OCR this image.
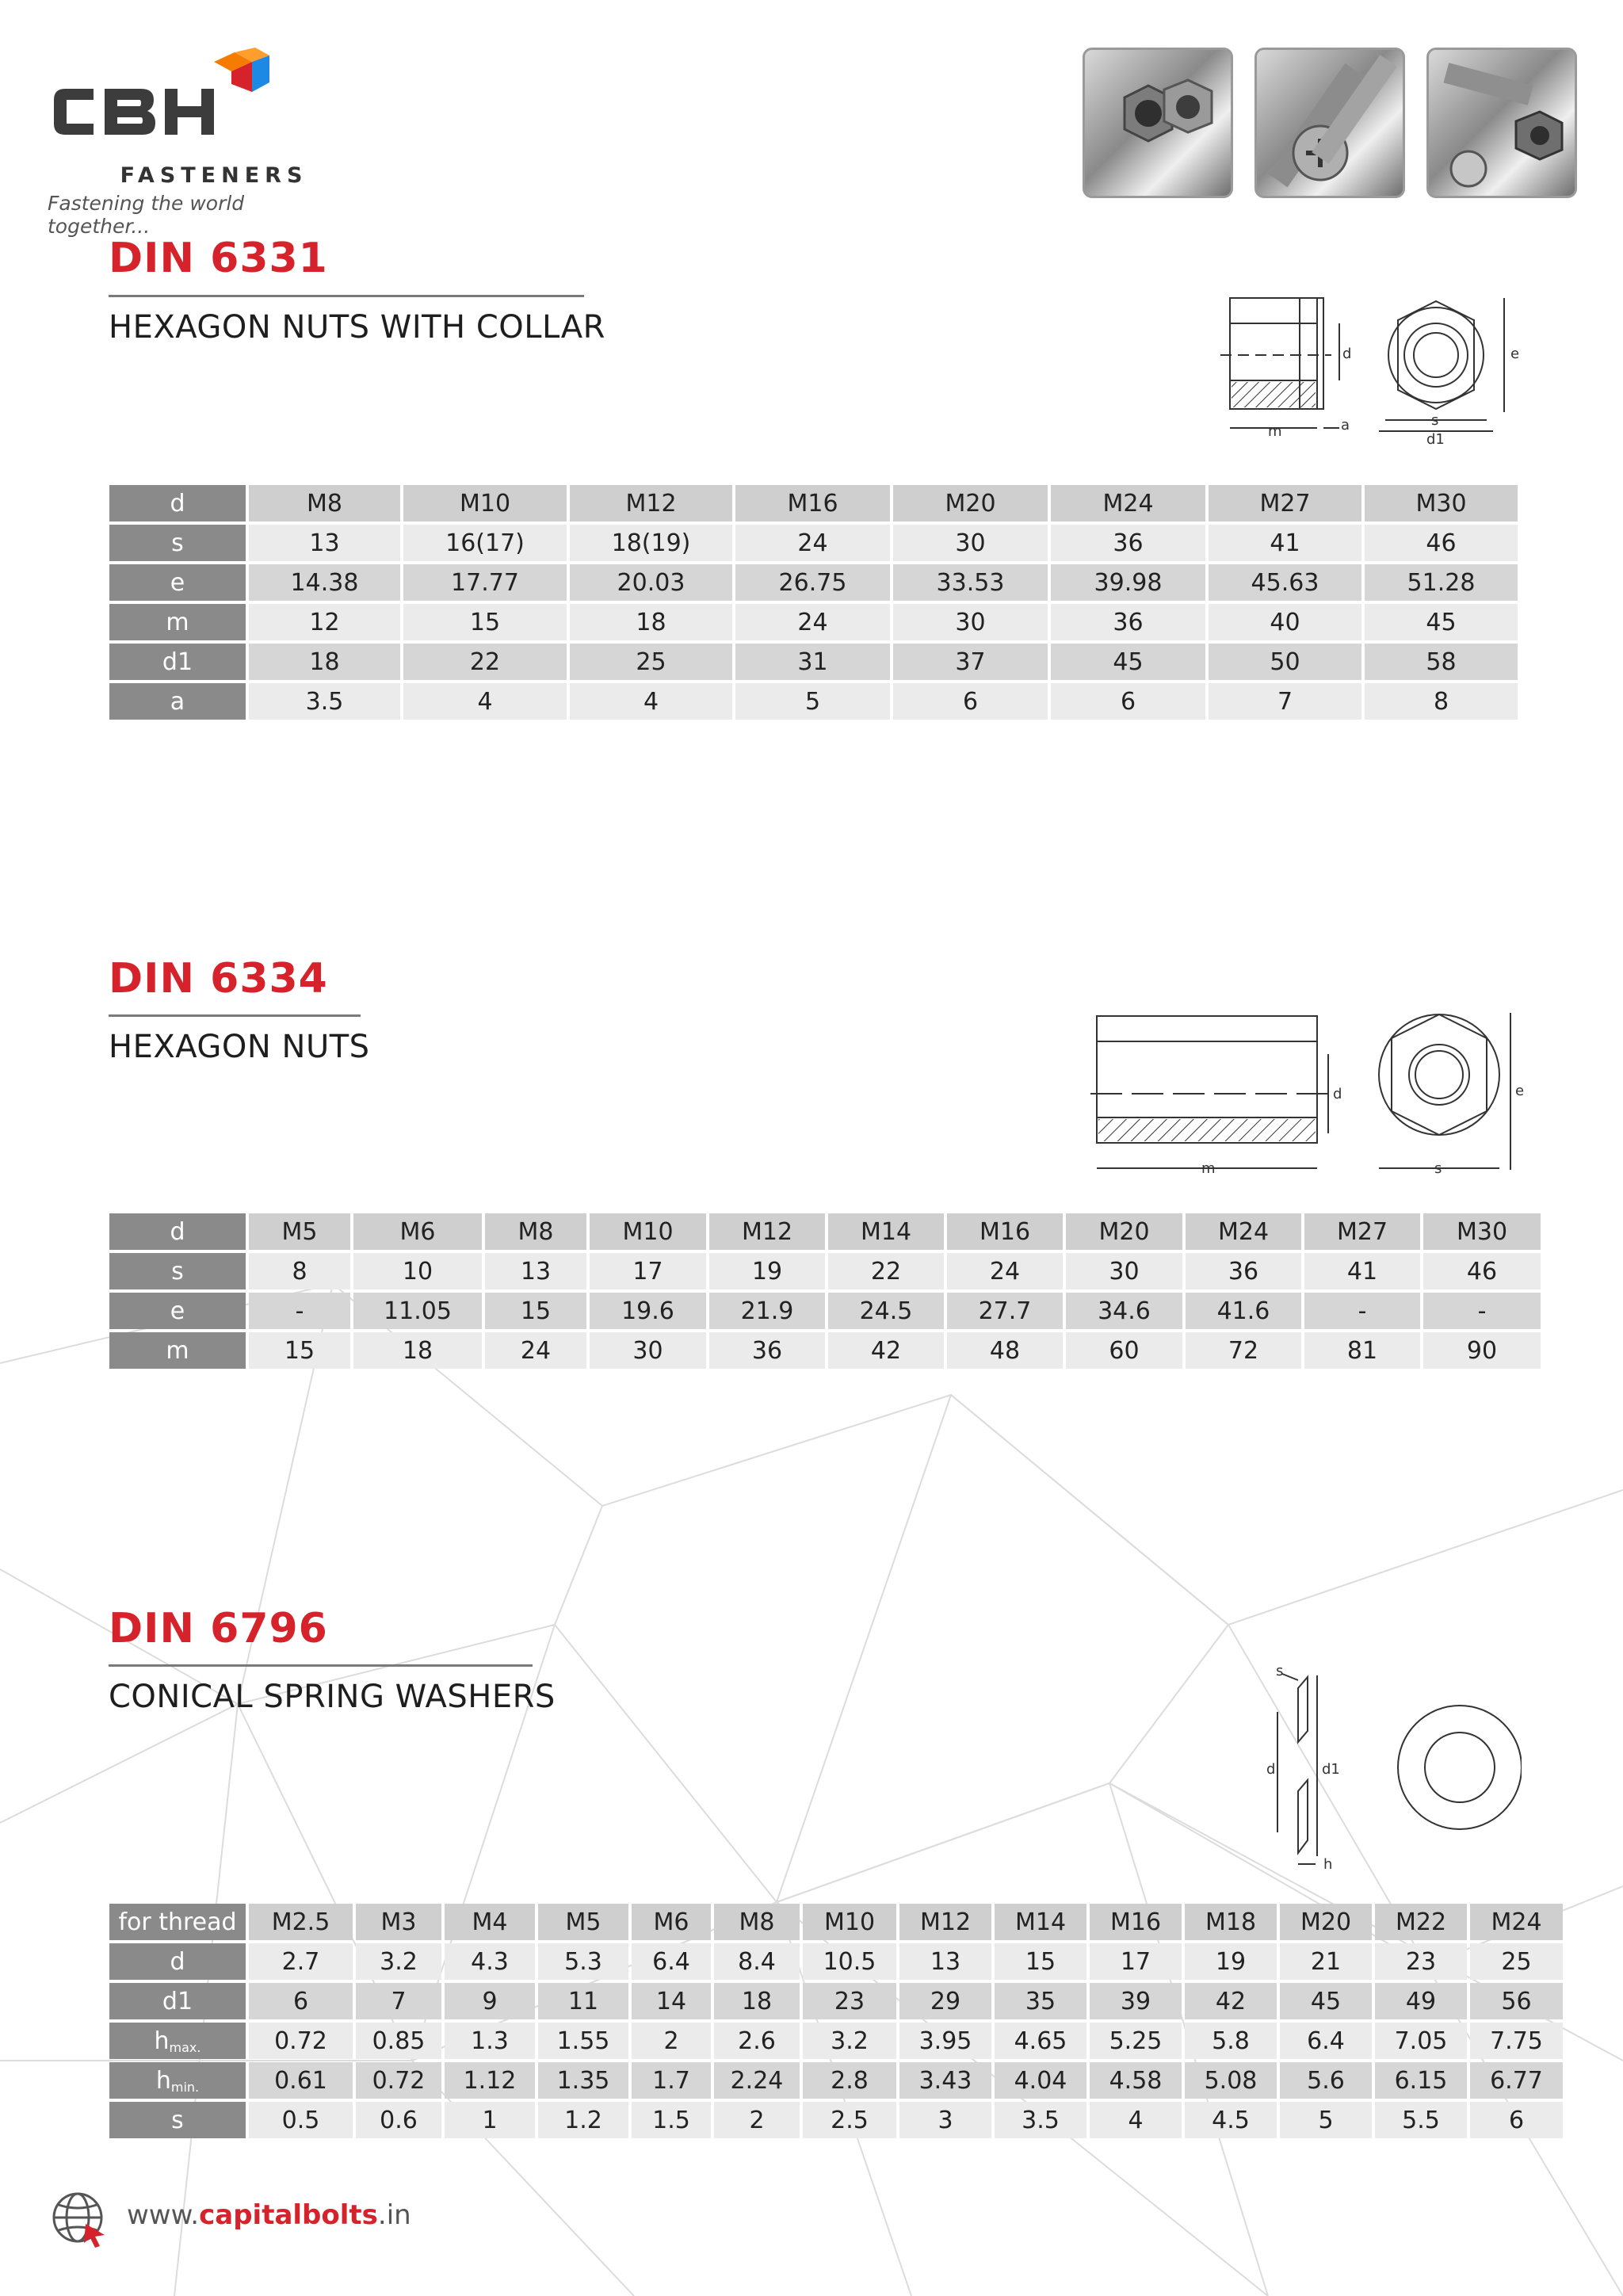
FASTENERS
Fastening the world together...
DIN 6331
HEXAGON NUTS WITH COLLAR
d
m	a
e
s
d1
d	M8	M10	M12	M16	M20	M24	M27	M30
s	13	16(17)	18(19)	24	30	36	41	46
e	14.38	17.77	20.03	26.75	33.53	39.98	45.63	51.28
m	12	15	18	24	30	36	40	45
d1	18	22	25	31	37	45	50	58
a	3.5	4	4	5	6	6	7	8
DIN 6334
HEXAGON NUTS
d
m
e
s
d	M5	M6	M8	M10	M12	M14	M16	M20	M24	M27	M30
s	8	10	13	17	19	22	24	30	36	41	46
e	-	11.05	15	19.6	21.9	24.5	27.7	34.6	41.6	-	-
m	15	18	24	30	36	42	48	60	72	81	90
DIN 6796
CONICAL SPRING WASHERS
s
d	d1
h
for thread	M2.5	M3	M4	M5	M6	M8	M10	M12	M14	M16	M18	M20	M22	M24
d	2.7	3.2	4.3	5.3	6.4	8.4	10.5	13	15	17	19	21	23	25
d1	6	7	9	11	14	18	23	29	35	39	42	45	49	56
$h_{max.}$	0.72	0.85	1.3	1.55	2	2.6	3.2	3.95	4.65	5.25	5.8	6.4	7.05	7.75
$h_{min.}$	0.61	0.72	1.12	1.35	1.7	2.24	2.8	3.43	4.04	4.58	5.08	5.6	6.15	6.77
s	0.5	0.6	1	1.2	1.5	2	2.5	3	3.5	4	4.5	5	5.5	6
www.capitalbolts.in
